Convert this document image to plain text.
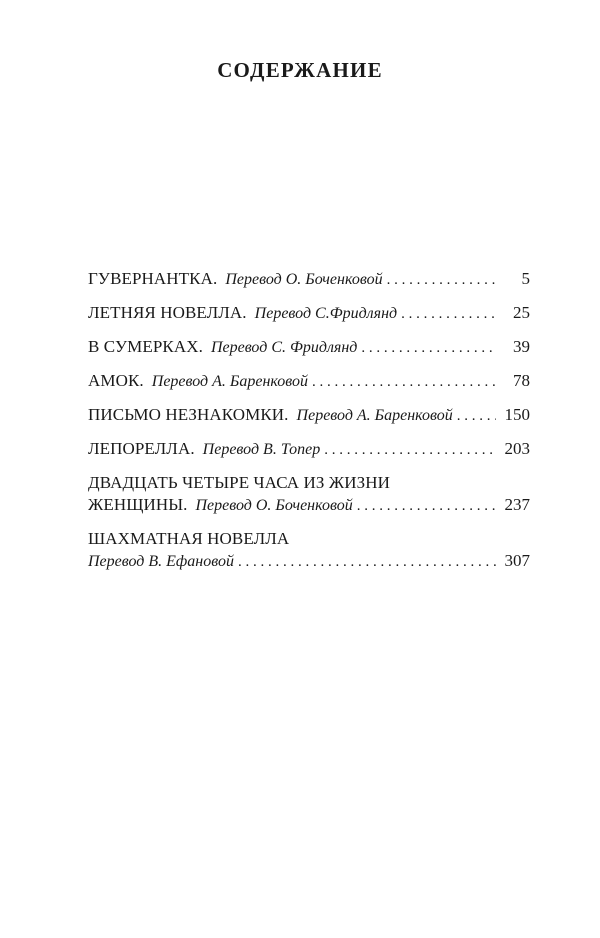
СОДЕРЖАНИЕ
ГУВЕРНАНТКА. Перевод О. Боченковой . . .	5
ЛЕТНЯЯ НОВЕЛЛА. Перевод С.Фридлянд . . .	25
В СУМЕРКАХ. Перевод С. Фридлянд . . .	39
АМОК. Перевод А. Баренковой . . .	78
ПИСЬМО НЕЗНАКОМКИ. Перевод А. Баренковой . . .	150
ЛЕПОРЕЛЛА. Перевод В. Топер . . .	203
ДВАДЦАТЬ ЧЕТЫРЕ ЧАСА ИЗ ЖИЗНИ
ЖЕНЩИНЫ. Перевод О. Боченковой . . .	237
ШАХМАТНАЯ НОВЕЛЛА
Перевод В. Ефановой . . .	307
